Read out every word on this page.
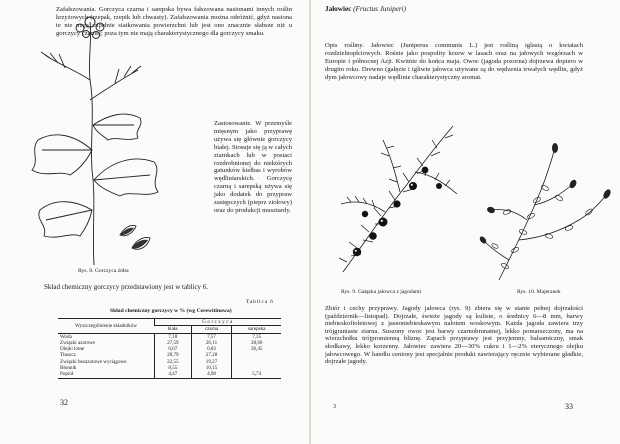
Zafałszowania. Gorczyca czarna i sarepska bywa fałszowana nasionami innych roślin krzyżowych (rzepak, rzepik lub chwasty). Zafałszowania można odróżnić, gdyż nasiona te nie mają zupełnie siatkowania powierzchni lub jest ono znacznie słabsze niż u gorczycy czarnej; poza tym nie mają charakterystycznego dla gorczycy smaku.
Zastosowanie. W przemyśle mięsnym jako przyprawę używa się głównie gorczycy białej. Stosuje się ją w całych ziarnkach lub w postaci rozdrobnionej do niektórych gatunków kiełbas i wyrobów wędliniarskich. Gorczycę czarną i sarepską używa się jako dodatek do przypraw zastępczych (pieprz ziołowy) oraz do produkcji musztardy.
Rys. 8. Gorczyca żółta
Skład chemiczny gorczycy przedstawiony jest w tablicy 6.
Tablica 6
Skład chemiczny gorczycy w % (wg Cerewitinowa)
Wyszczególnienie składników	Gorczyca		
	biała	czarna	sarepska
Woda	7,18	7,57	7,35
Związki azotowe	27,59	26,11	28,60
Olejki lotne	0,67	0,83	26,45
Tłuszcz	28,79	27,28	
Związki bezazotowe wyciągowe	22,55	19,27	
Błonnik	8,55	10,15	
Popiół	4,47	4,98	5,74
32
Jałowiec (Fructus Juniperi)
Opis rośliny. Jałowiec (Juniperus communis L.) jest rośliną iglastą o kwiatach rozdzielnopłciowych. Rośnie jako pospolity krzew w lasach oraz na jałowych wzgórzach w Europie i północnej Azji. Kwitnie do końca maja. Owoc (jagoda pozorna) dojrzewa dopiero w drugim roku. Drewno (gałęzie i igliwie jałowca używane są do wędzenia trwałych wędlin, gdyż dym jałowcowy nadaje wędlinie charakterystyczny aromat.
Rys. 9. Gałązka jałowca z jagodami	Rys. 10. Majeranek
Zbiór i cechy przyprawy. Jagody jałowca (rys. 9) zbiera się w stanie pełnej dojrzałości (październik—listopad). Dojrzałe, świeże jagody są kuliste, o średnicy 6—8 mm, barwy niebieskofioletowej z jasnoniebieskawym nalotem woskowym. Każda jagoda zawiera trzy trójgraniaste ziarna. Suszony owoc jest barwy czarnobrunatnej, lekko pomarszczony, ma na wierzchołku trójpromienną bliznę. Zapach przyprawy jest przyjemny, balsamiczny, smak słodkawy, lekko korzenny. Jałowiec zawiera 20—30% cukru i 1—2% eterycznego olejku jałowcowego. W handlu ceniony jest specjalnie produkt zawierający ręcznie wybierane gładkie, dojrzałe jagody.
3	33
